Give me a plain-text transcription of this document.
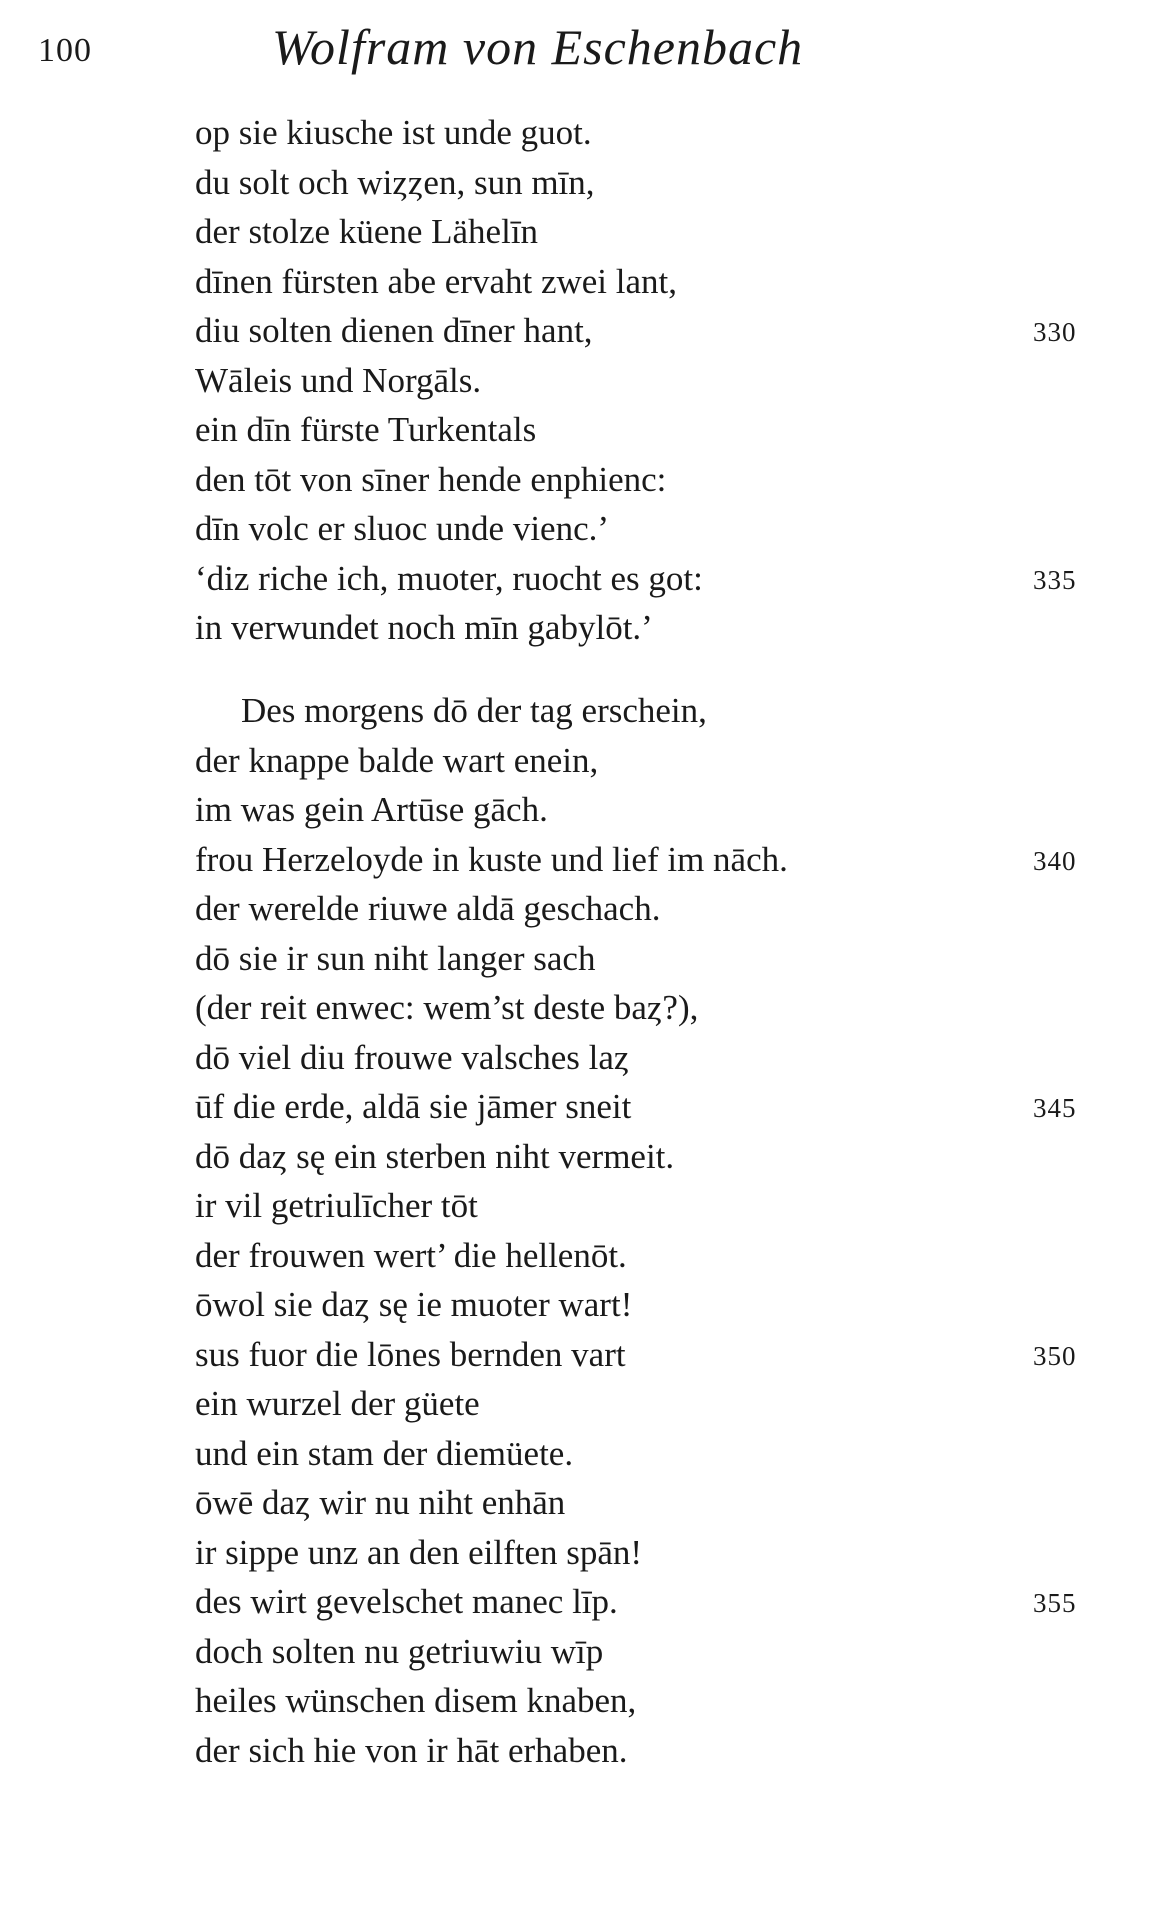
100	Wolfram von Eschenbach
op sie kiusche ist unde guot.
du solt och wiȥȥen, sun mīn,
der stolze küene Lähelīn
dīnen fürsten abe ervaht zwei lant,
diu solten dienen dīner hant,	330
Wāleis und Norgāls.
ein dīn fürste Turkentals
den tōt von sīner hende enphienc:
dīn volc er sluoc unde vienc.’
‘diz riche ich, muoter, ruocht es got:	335
in verwundet noch mīn gabylōt.’
Des morgens dō der tag erschein,
der knappe balde wart enein,
im was gein Artūse gāch.
frou Herzeloyde in kuste und lief im nāch.	340
der werelde riuwe aldā geschach.
dō sie ir sun niht langer sach
(der reit enwec: wem’st deste baȥ?),
dō viel diu frouwe valsches laȥ
ūf die erde, aldā sie jāmer sneit	345
dō daȥ sę ein sterben niht vermeit.
ir vil getriulīcher tōt
der frouwen wert’ die hellenōt.
ōwol sie daȥ sę ie muoter wart!
sus fuor die lōnes bernden vart	350
ein wurzel der güete
und ein stam der diemüete.
ōwē daȥ wir nu niht enhān
ir sippe unz an den eilften spān!
des wirt gevelschet manec līp.	355
doch solten nu getriuwiu wīp
heiles wünschen disem knaben,
der sich hie von ir hāt erhaben.
